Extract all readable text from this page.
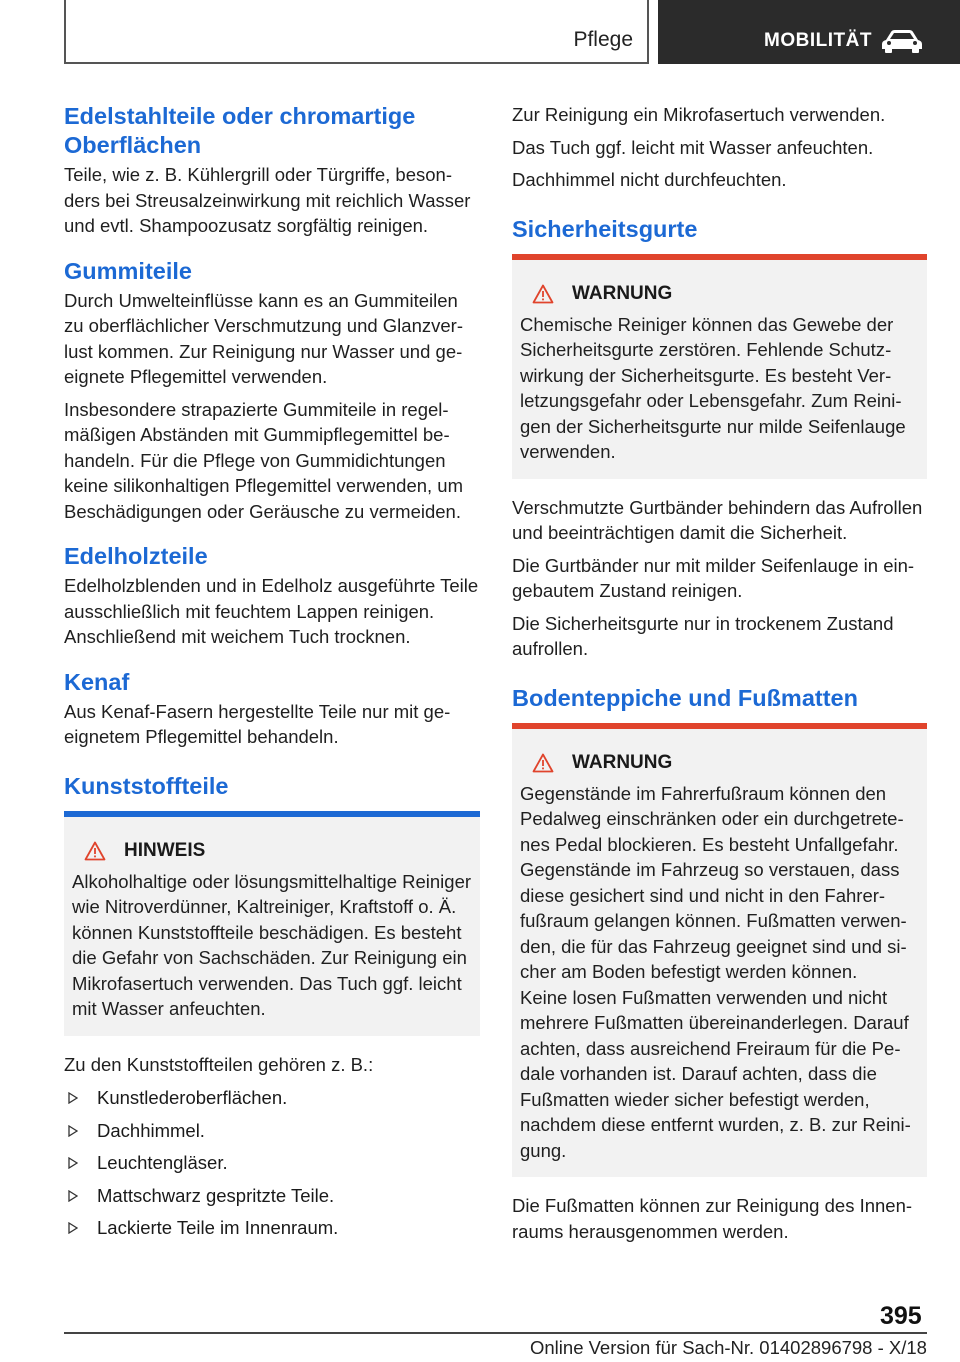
Pflege	MOBILITÄT
Edelstahlteile oder chromartige Oberflächen

Teile, wie z. B. Kühlergrill oder Türgriffe, besonders bei Streusalzeinwirkung mit reichlich Wasser und evtl. Shampoozusatz sorgfältig reinigen.

Gummiteile

Durch Umwelteinflüsse kann es an Gummiteilen zu oberflächlicher Verschmutzung und Glanzverlust kommen. Zur Reinigung nur Wasser und geeignete Pflegemittel verwenden.

Insbesondere strapazierte Gummiteile in regelmäßigen Abständen mit Gummipflegemittel behandeln. Für die Pflege von Gummidichtungen keine silikonhaltigen Pflegemittel verwenden, um Beschädigungen oder Geräusche zu vermeiden.

Edelholzteile

Edelholzblenden und in Edelholz ausgeführte Teile ausschließlich mit feuchtem Lappen reinigen. Anschließend mit weichem Tuch trocknen.

Kenaf

Aus Kenaf-Fasern hergestellte Teile nur mit geeignetem Pflegemittel behandeln.

Kunststoffteile
HINWEIS

Alkoholhaltige oder lösungsmittelhaltige Reiniger wie Nitroverdünner, Kaltreiniger, Kraftstoff o. Ä. können Kunststoffteile beschädigen. Es besteht die Gefahr von Sachschäden. Zur Reinigung ein Mikrofasertuch verwenden. Das Tuch ggf. leicht mit Wasser anfeuchten.

Zu den Kunststoffteilen gehören z. B.:

Kunstlederoberflächen.
Dachhimmel.
Leuchtengläser.
Mattschwarz gespritzte Teile.
Lackierte Teile im Innenraum.

Zur Reinigung ein Mikrofasertuch verwenden.

Das Tuch ggf. leicht mit Wasser anfeuchten.

Dachhimmel nicht durchfeuchten.

Sicherheitsgurte
WARNUNG

Chemische Reiniger können das Gewebe der Sicherheitsgurte zerstören. Fehlende Schutzwirkung der Sicherheitsgurte. Es besteht Verletzungsgefahr oder Lebensgefahr. Zum Reinigen der Sicherheitsgurte nur milde Seifenlauge verwenden.

Verschmutzte Gurtbänder behindern das Aufrollen und beeinträchtigen damit die Sicherheit.

Die Gurtbänder nur mit milder Seifenlauge in eingebautem Zustand reinigen.

Die Sicherheitsgurte nur in trockenem Zustand aufrollen.

Bodenteppiche und Fußmatten
WARNUNG

Gegenstände im Fahrerfußraum können den Pedalweg einschränken oder ein durchgetretenes Pedal blockieren. Es besteht Unfallgefahr. Gegenstände im Fahrzeug so verstauen, dass diese gesichert sind und nicht in den Fahrerfußraum gelangen können. Fußmatten verwenden, die für das Fahrzeug geeignet sind und sicher am Boden befestigt werden können.

Keine losen Fußmatten verwenden und nicht mehrere Fußmatten übereinanderlegen. Darauf achten, dass ausreichend Freiraum für die Pedale vorhanden ist. Darauf achten, dass die Fußmatten wieder sicher befestigt werden, nachdem diese entfernt wurden, z. B. zur Reinigung.

Die Fußmatten können zur Reinigung des Innenraums herausgenommen werden.

395
Online Version für Sach-Nr. 01402896798 - X/18
